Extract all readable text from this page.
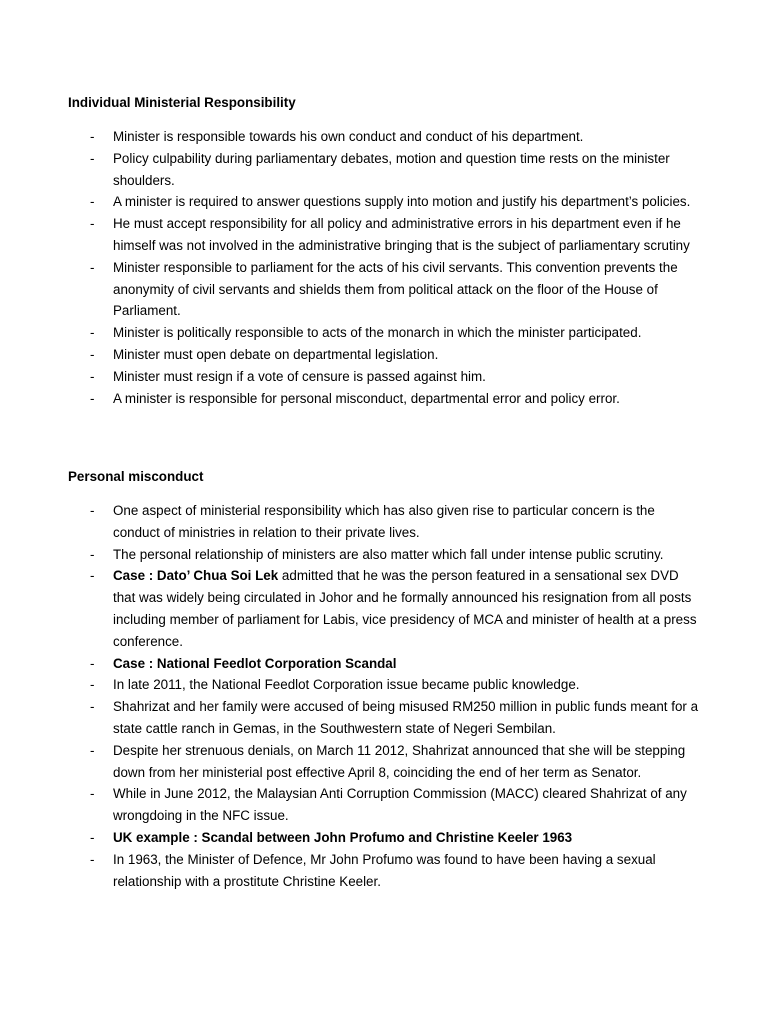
Individual Ministerial Responsibility
-	Minister is responsible towards his own conduct and conduct of his department.
-	Policy culpability during parliamentary debates, motion and question time rests on the minister shoulders.
-	A minister is required to answer questions supply into motion and justify his department’s policies.
-	He must accept responsibility for all policy and administrative errors in his department even if he himself was not involved in the administrative bringing that is the subject of parliamentary scrutiny
-	Minister responsible to parliament for the acts of his civil servants. This convention prevents the anonymity of civil servants and shields them from political attack on the floor of the House of Parliament.
-	Minister is politically responsible to acts of the monarch in which the minister participated.
-	Minister must open debate on departmental legislation.
-	Minister must resign if a vote of censure is passed against him.
-	A minister is responsible for personal misconduct, departmental error and policy error.
Personal misconduct
-	One aspect of ministerial responsibility which has also given rise to particular concern is the conduct of ministries in relation to their private lives.
-	The personal relationship of ministers are also matter which fall under intense public scrutiny.
-	Case : Dato’ Chua Soi Lek admitted that he was the person featured in a sensational sex DVD that was widely being circulated in Johor and he formally announced his resignation from all posts including member of parliament for Labis, vice presidency of MCA and minister of health at a press conference.
-	Case : National Feedlot Corporation Scandal
-	In late 2011, the National Feedlot Corporation issue became public knowledge.
-	Shahrizat and her family were accused of being misused RM250 million in public funds meant for a state cattle ranch in Gemas, in the Southwestern state of Negeri Sembilan.
-	Despite her strenuous denials, on March 11 2012, Shahrizat announced that she will be stepping down from her ministerial post effective April 8, coinciding the end of her term as Senator.
-	While in June 2012, the Malaysian Anti Corruption Commission (MACC) cleared Shahrizat of any wrongdoing in the NFC issue.
-	UK example : Scandal between John Profumo and Christine Keeler 1963
-	In 1963, the Minister of Defence, Mr John Profumo was found to have been having a sexual relationship with a prostitute Christine Keeler.
